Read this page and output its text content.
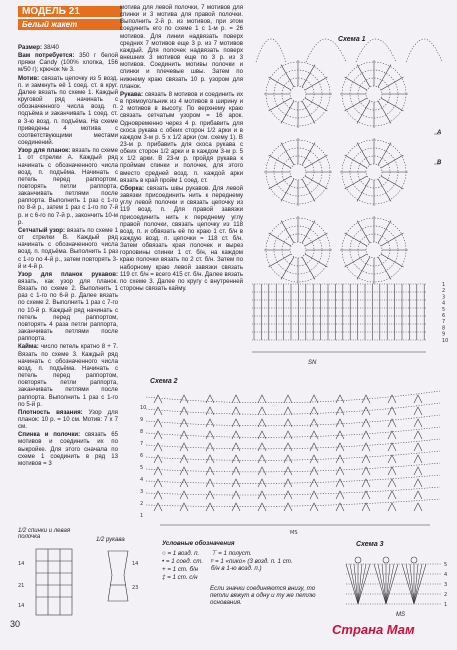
МОДЕЛЬ 21
Белый жакет

Размер: 38/40

Вам потребуется: 350 г белой пряжи Candy (100% хлопка, 156 м/50 г); крючок № 3.

Мотив: связать цепочку из 5 возд. п. и замкнуть её 1 соед. ст. в круг. Далее вязать по схеме 1. Каждый круговой ряд начинать с обозначенного числа возд. п. подъёма и заканчивать 1 соед. ст. в 3-ю возд. п. подъёма. На схеме приведены 4 мотива с соответствующими местами соединений.

Узор для планок: вязать по схеме 1 от стрелки А. Каждый ряд начинать с обозначенного числа возд. п. подъёма. Начинать с петель перед раппортом, повторять петли раппорта, заканчивать петлями после раппорта. Выполнить 1 раз с 1-го по 8-й р., затем 1 раз с 1-го по 7-й р. и с 6-го по 7-й р., закончить 10-м р.

Сетчатый узор: вязать по схеме 1 от стрелки В. Каждый ряд начинать с обозначенного числа возд. п. подъёма. Выполнить 1 раз с 1-го по 4-й р., затем повторять 3-й и 4-й р.

Узор для планок рукавов: вязать, как узор для планок. Вязать по схеме 2. Выполнить 1 раз с 1-го по 6-й р. Далее вязать по схеме 2. Выполнить 1 раз с 7-го по 10-й р. Каждый ряд начинать с петель перед раппортом, повторять 4 раза петли раппорта, заканчивать петлями после раппорта.

Кайма: число петель кратно 8 + 7. Вязать по схеме 3. Каждый ряд начинать с обозначенного числа возд. п. подъёма. Начинать с петель перед раппортом, повторять петли раппорта, заканчивать петлями после раппорта. Выполнить 1 раз с 1-го по 5-й р.

Плотность вязания: Узор для планок: 10 р. = 10 см. Мотив: 7 х 7 см.

Спинка и полочки: связать 65 мотивов и соединить их по выкройке. Для этого сначала по схеме 1 соединить в ряд 13 мотивов = 3

мотива для левой полочки, 7 мотивов для спинки и 3 мотива для правой полочки. Выполнить 2-й р. из мотивов, при этом соединить его по схеме 1 с 1-м р. = 26 мотивов. Для линии надвязать поверх средних 7 мотивов еще 3 р. из 7 мотивов каждый. Для полочек надвязать поверх внешних 3 мотивов еще по 3 р. из 3 мотивов. Соединить мотивы полочки и спинки и плечевые швы. Затем по нижнему краю связать 10 р. узором для планок.

Рукава: связать 8 мотивов и соединить их в прямоугольник из 4 мотивов в ширину и 2 мотивов в высоту. По верхнему краю связать сетчатым узором = 16 арок. Одновременно через 4 р. прибавить для скоса рукава с обеих сторон 1/2 арки и в каждом 3-м р. 5 х 1/2 арки (см. схему 1). В 23-м р. прибавить для скоса рукава с обеих сторон 1/2 арки и в каждом 3-м р. 5 х 1/2 арки. В 23-м р. пройдя рукава к проймам спинки и полочек, для этого вместо средней возд. п. каждой арки вязать в край пройм 1 соед. ст.

Сборка: связать швы рукавов. Для левой завязки присоединить нить к переднему углу левой полочки и связать цепочку из 119 возд. п. Для правой завязки присоединить нить к переднему углу правой полочки, связать цепочку из 118 возд. п. и обвязать её по краю 1 ст. б/н в каждую возд. п. цепочки = 118 ст. б/н. Затем обвязать края полочек и вырез горловины спинки 1 ст. б/н, на каждом краю полочки вязать по 2 ст. б/н. Затем по наборному краю левой завязки связать 119 ст. б/н = всего 415 ст. б/н. Далее вязать по схеме 3. Далее по кругу с внутренней стороны связать кайму.

Схема 1
1
2
3
4
5
6
7
8
9
10
A
B
SN
Схема 2
1
2
3
4
5
6
7
8
9
10
MS
1/2 спинки и левая полочка	1/2 рукава
14
21
14
14
23
Условные обозначения
○ = 1 возд. п.
• = 1 соед. ст.
+ = 1 ст. б/н
‡ = 1 ст. с/н
⊤ = 1 полуст.
ᵖ = 1 «пико» (3 возд. п. 1 ст. б/н в 1-ю возд. п.)
Если значки соединяются внизу, то петли вяжут в одну и ту же петлю основания.
Схема 3
1
2
3
4
5
MS
30	Страна Мам
